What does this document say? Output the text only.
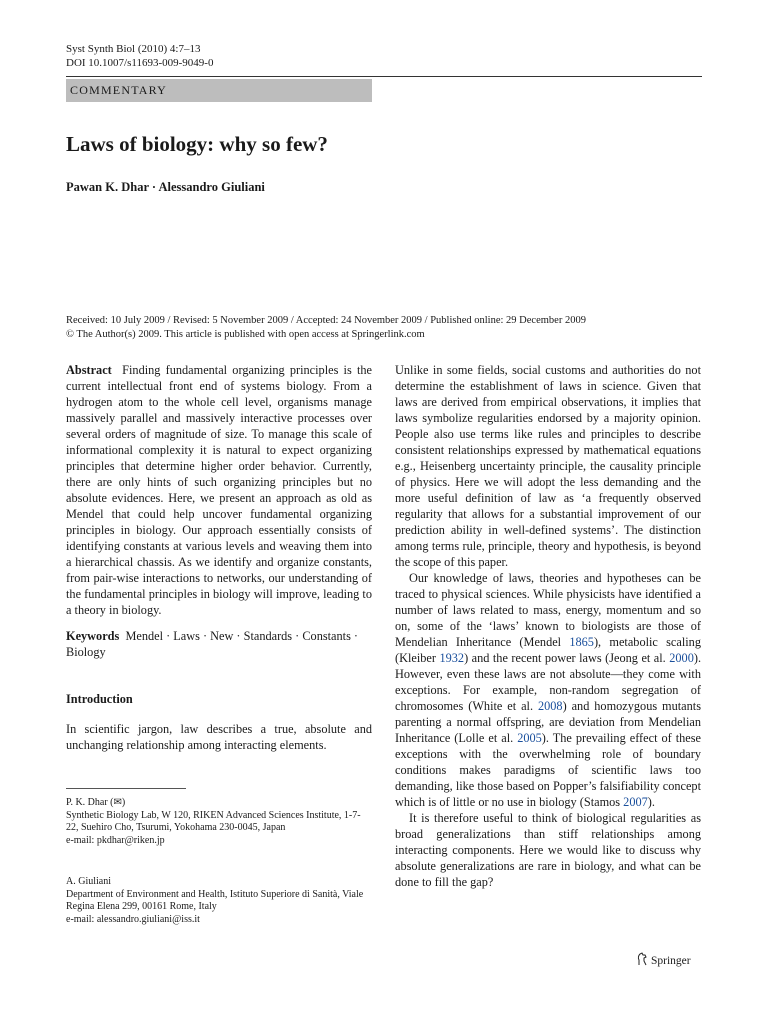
Syst Synth Biol (2010) 4:7–13
DOI 10.1007/s11693-009-9049-0
COMMENTARY
Laws of biology: why so few?
Pawan K. Dhar · Alessandro Giuliani
Received: 10 July 2009 / Revised: 5 November 2009 / Accepted: 24 November 2009 / Published online: 29 December 2009
© The Author(s) 2009. This article is published with open access at Springerlink.com

Abstract Finding fundamental organizing principles is the current intellectual front end of systems biology. From a hydrogen atom to the whole cell level, organisms manage massively parallel and massively interactive processes over several orders of magnitude of size. To manage this scale of informational complexity it is natural to expect organizing principles that determine higher order behavior. Currently, there are only hints of such organizing principles but no absolute evidences. Here, we present an approach as old as Mendel that could help uncover fundamental organizing principles in biology. Our approach essentially consists of identifying constants at various levels and weaving them into a hierarchical chassis. As we identify and organize constants, from pair-wise interactions to networks, our understanding of the fundamental principles in biology will improve, leading to a theory in biology.

Keywords Mendel · Laws · New · Standards · Constants · Biology

Introduction

In scientific jargon, law describes a true, absolute and unchanging relationship among interacting elements.

P. K. Dhar (✉)
Synthetic Biology Lab, W 120, RIKEN Advanced Sciences Institute, 1-7-22, Suehiro Cho, Tsurumi, Yokohama 230-0045, Japan
e-mail: pkdhar@riken.jp
A. Giuliani
Department of Environment and Health, Istituto Superiore di Sanità, Viale Regina Elena 299, 00161 Rome, Italy
e-mail: alessandro.giuliani@iss.it

Unlike in some fields, social customs and authorities do not determine the establishment of laws in science. Given that laws are derived from empirical observations, it implies that laws symbolize regularities endorsed by a majority opinion. People also use terms like rules and principles to describe consistent relationships expressed by mathematical equations e.g., Heisenberg uncertainty principle, the causality principle of physics. Here we will adopt the less demanding and the more useful definition of law as ‘a frequently observed regularity that allows for a substantial improvement of our prediction ability in well-defined systems’. The distinction among terms rule, principle, theory and hypothesis, is beyond the scope of this paper.

Our knowledge of laws, theories and hypotheses can be traced to physical sciences. While physicists have identified a number of laws related to mass, energy, momentum and so on, some of the ‘laws’ known to biologists are those of Mendelian Inheritance (Mendel 1865), metabolic scaling (Kleiber 1932) and the recent power laws (Jeong et al. 2000). However, even these laws are not absolute—they come with exceptions. For example, non-random segregation of chromosomes (White et al. 2008) and homozygous mutants parenting a normal offspring, are deviation from Mendelian Inheritance (Lolle et al. 2005). The prevailing effect of these exceptions with the overwhelming role of boundary conditions makes paradigms of scientific laws too demanding, like those based on Popper’s falsifiability concept which is of little or no use in biology (Stamos 2007).

It is therefore useful to think of biological regularities as broad generalizations than stiff relationships among interacting components. Here we would like to discuss why absolute generalizations are rare in biology, and what can be done to fill the gap?

Springer
